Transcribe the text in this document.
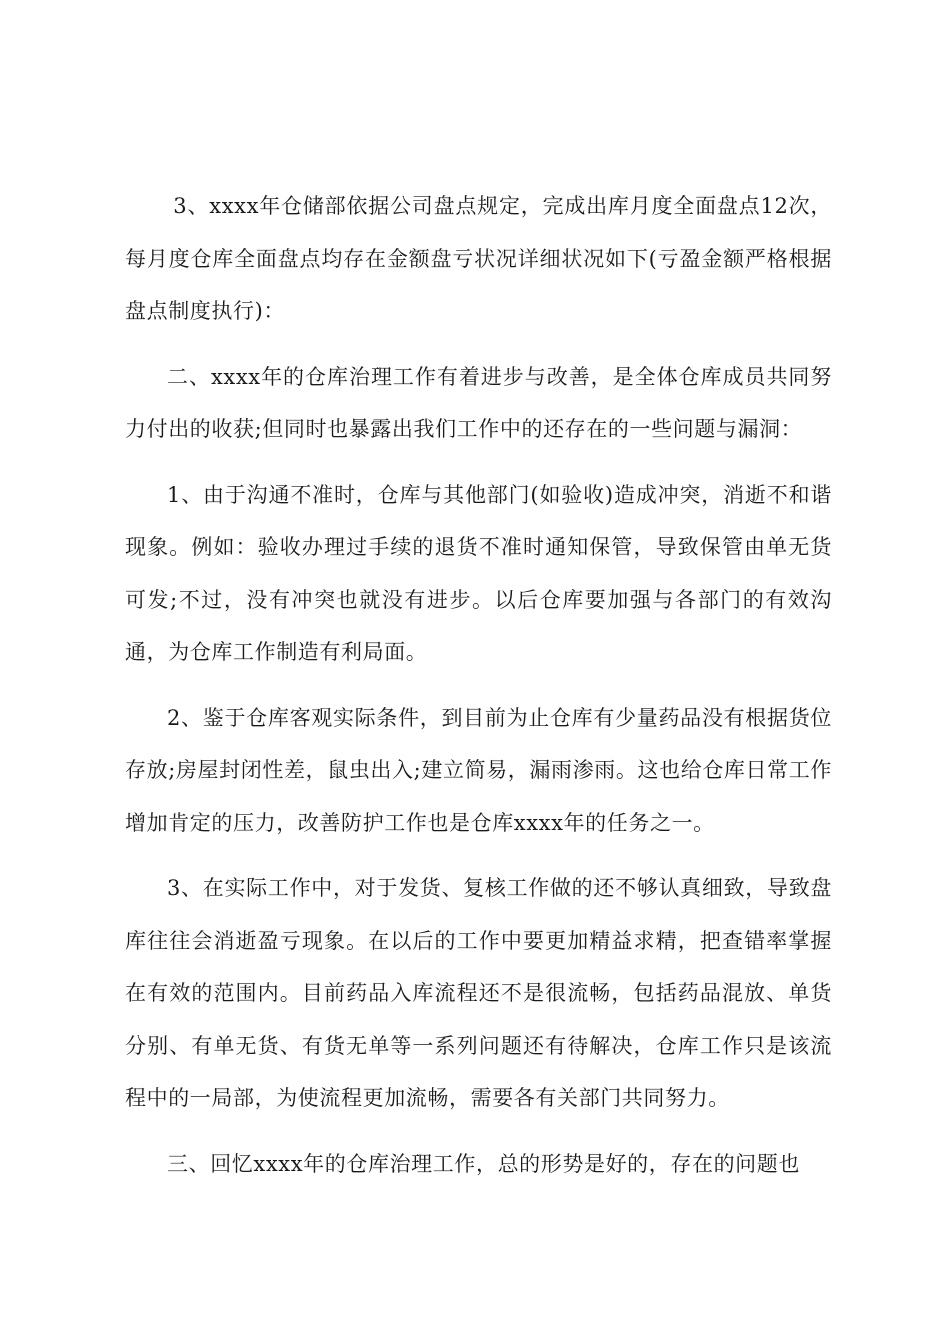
3、xxxx年仓储部依据公司盘点规定，完成出库月度全面盘点12次，每月度仓库全面盘点均存在金额盘亏状况详细状况如下(亏盈金额严格根据盘点制度执行)：

二、xxxx年的仓库治理工作有着进步与改善，是全体仓库成员共同努力付出的收获;但同时也暴露出我们工作中的还存在的一些问题与漏洞：

1、由于沟通不准时，仓库与其他部门(如验收)造成冲突，消逝不和谐现象。例如：验收办理过手续的退货不准时通知保管，导致保管由单无货可发;不过，没有冲突也就没有进步。以后仓库要加强与各部门的有效沟通，为仓库工作制造有利局面。

2、鉴于仓库客观实际条件，到目前为止仓库有少量药品没有根据货位存放;房屋封闭性差，鼠虫出入;建立简易，漏雨渗雨。这也给仓库日常工作增加肯定的压力，改善防护工作也是仓库xxxx年的任务之一。

3、在实际工作中，对于发货、复核工作做的还不够认真细致，导致盘库往往会消逝盈亏现象。在以后的工作中要更加精益求精，把查错率掌握在有效的范围内。目前药品入库流程还不是很流畅，包括药品混放、单货分别、有单无货、有货无单等一系列问题还有待解决，仓库工作只是该流程中的一局部，为使流程更加流畅，需要各有关部门共同努力。

三、回忆xxxx年的仓库治理工作，总的形势是好的，存在的问题也
